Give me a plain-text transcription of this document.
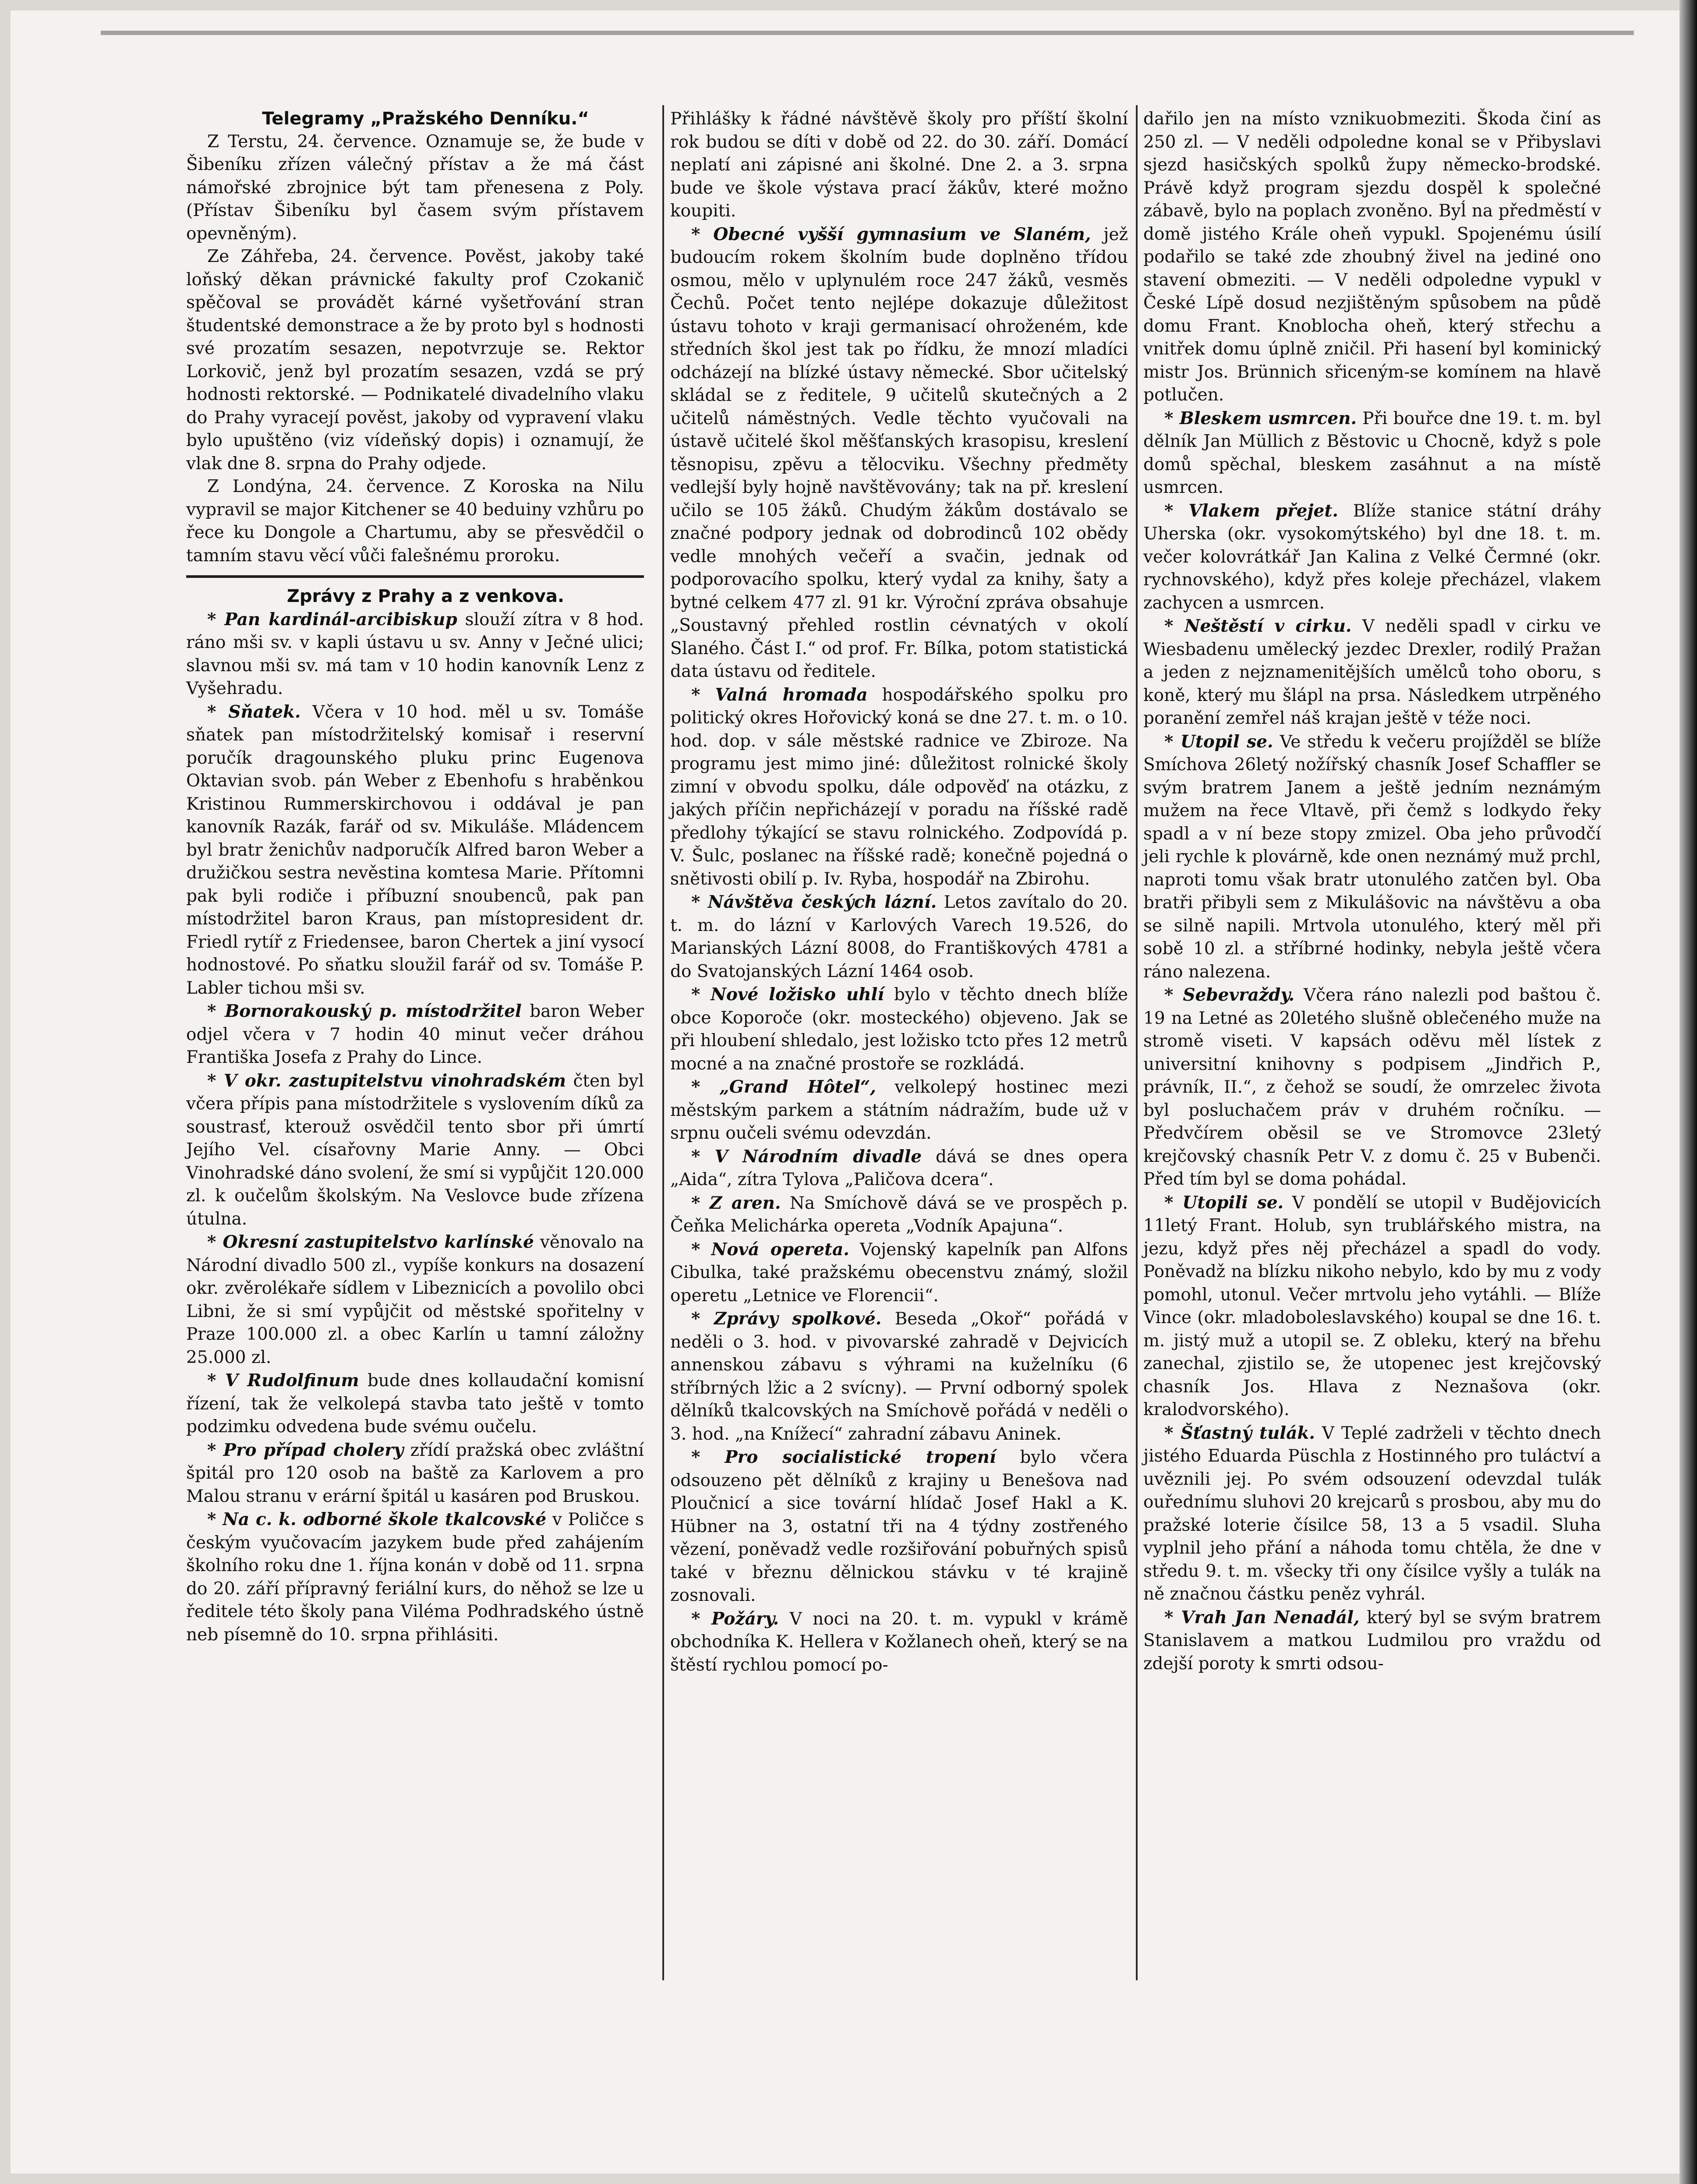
Telegramy „Pražského Denníku.“

Z Terstu, 24. července. Oznamuje se, že bude v Šibeníku zřízen válečný přístav a že má část námořské zbrojnice být tam přenesena z Poly. (Přístav Šibeníku byl časem svým přístavem opevněným).

Ze Záhřeba, 24. července. Pověst, jakoby také loňský děkan právnické fakulty prof Czokanič spěčoval se provádět kárné vyšetřování stran študentské demonstrace a že by proto byl s hodnosti své prozatím sesazen, nepotvrzuje se. Rektor Lorkovič, jenž byl prozatím sesazen, vzdá se prý hodnosti rektorské. — Podnikatelé divadelního vlaku do Prahy vyracejí pověst, jakoby od vypravení vlaku bylo upuštěno (viz vídeňský dopis) i oznamují, že vlak dne 8. srpna do Prahy odjede.

Z Londýna, 24. července. Z Koroska na Nilu vypravil se major Kitchener se 40 beduiny vzhůru po řece ku Dongole a Chartumu, aby se přesvědčil o tamním stavu věcí vůči falešnému proroku.

Zprávy z Prahy a z venkova.

* Pan kardinál-arcibiskup slouží zítra v 8 hod. ráno mši sv. v kapli ústavu u sv. Anny v Ječné ulici; slavnou mši sv. má tam v 10 hodin kanovník Lenz z Vyšehradu.

* Sňatek. Včera v 10 hod. měl u sv. Tomáše sňatek pan místodržitelský komisař i reservní poručík dragounského pluku princ Eugenova Oktavian svob. pán Weber z Ebenhofu s hraběnkou Kristinou Rummerskirchovou i oddával je pan kanovník Razák, farář od sv. Mikuláše. Mládencem byl bratr ženichův nadporučík Alfred baron Weber a družičkou sestra nevěstina komtesa Marie. Přítomni pak byli rodiče i příbuzní snoubenců, pak pan místodržitel baron Kraus, pan místopresident dr. Friedl rytíř z Friedensee, baron Chertek a jiní vysocí hodnostové. Po sňatku sloužil farář od sv. Tomáše P. Labler tichou mši sv.

* Bornorakouský p. místodržitel baron Weber odjel včera v 7 hodin 40 minut večer dráhou Františka Josefa z Prahy do Lince.

* V okr. zastupitelstvu vinohradském čten byl včera přípis pana místodržitele s vyslovením díků za soustrasť, kterouž osvědčil tento sbor při úmrtí Jejího Vel. císařovny Marie Anny. — Obci Vinohradské dáno svolení, že smí si vypůjčit 120.000 zl. k oučelům školským. Na Veslovce bude zřízena útulna.

* Okresní zastupitelstvo karlínské věnovalo na Národní divadlo 500 zl., vypíše konkurs na dosazení okr. zvěrolékaře sídlem v Libeznicích a povolilo obci Libni, že si smí vypůjčit od městské spořitelny v Praze 100.000 zl. a obec Karlín u tamní záložny 25.000 zl.

* V Rudolfinum bude dnes kollaudační komisní řízení, tak že velkolepá stavba tato ještě v tomto podzimku odvedena bude svému oučelu.

* Pro případ cholery zřídí pražská obec zvláštní špitál pro 120 osob na baště za Karlovem a pro Malou stranu v erární špitál u kasáren pod Bruskou.

* Na c. k. odborné škole tkalcovské v Poličce s českým vyučovacím jazykem bude před zahájením školního roku dne 1. října konán v době od 11. srpna do 20. září přípravný feriální kurs, do něhož se lze u ředitele této školy pana Viléma Podhradského ústně neb písemně do 10. srpna přihlásiti.

Přihlášky k řádné návštěvě školy pro příští školní rok budou se díti v době od 22. do 30. září. Domácí neplatí ani zápisné ani školné. Dne 2. a 3. srpna bude ve škole výstava prací žákův, které možno koupiti.

* Obecné vyšší gymnasium ve Slaném, jež budoucím rokem školním bude doplněno třídou osmou, mělo v uplynulém roce 247 žáků, vesměs Čechů. Počet tento nejlépe dokazuje důležitost ústavu tohoto v kraji germanisací ohroženém, kde středních škol jest tak po řídku, že mnozí mladíci odcházejí na blízké ústavy německé. Sbor učitelský skládal se z ředitele, 9 učitelů skutečných a 2 učitelů náměstných. Vedle těchto vyučovali na ústavě učitelé škol měšťanských krasopisu, kreslení těsnopisu, zpěvu a tělocviku. Všechny předměty vedlejší byly hojně navštěvovány; tak na př. kreslení učilo se 105 žáků. Chudým žákům dostávalo se značné podpory jednak od dobrodinců 102 obědy vedle mnohých večeří a svačin, jednak od podporovacího spolku, který vydal za knihy, šaty a bytné celkem 477 zl. 91 kr. Výroční zpráva obsahuje „Soustavný přehled rostlin cévnatých v okolí Slaného. Část I.“ od prof. Fr. Bílka, potom statistická data ústavu od ředitele.

* Valná hromada hospodářského spolku pro politický okres Hořovický koná se dne 27. t. m. o 10. hod. dop. v sále městské radnice ve Zbiroze. Na programu jest mimo jiné: důležitost rolnické školy zimní v obvodu spolku, dále odpověď na otázku, z jakých příčin nepřicházejí v poradu na říšské radě předlohy týkající se stavu rolnického. Zodpovídá p. V. Šulc, poslanec na říšské radě; konečně pojedná o snětivosti obilí p. Iv. Ryba, hospodář na Zbirohu.

* Návštěva českých lázní. Letos zavítalo do 20. t. m. do lázní v Karlových Varech 19.526, do Marianských Lázní 8008, do Františkových 4781 a do Svatojanských Lázní 1464 osob.

* Nové ložisko uhlí bylo v těchto dnech blíže obce Koporoče (okr. mosteckého) objeveno. Jak se při hloubení shledalo, jest ložisko tcto přes 12 metrů mocné a na značné prostoře se rozkládá.

* „Grand Hôtel“, velkolepý hostinec mezi městským parkem a státním nádražím, bude už v srpnu oučeli svému odevzdán.

* V Národním divadle dává se dnes opera „Aida“, zítra Tylova „Paličova dcera“.

* Z aren. Na Smíchově dává se ve prospěch p. Čeňka Melichárka opereta „Vodník Apajuna“.

* Nová opereta. Vojenský kapelník pan Alfons Cibulka, také pražskému obecenstvu známý, složil operetu „Letnice ve Florencii“.

* Zprávy spolkové. Beseda „Okoř“ pořádá v neděli o 3. hod. v pivovarské zahradě v Dejvicích annenskou zábavu s výhrami na kuželníku (6 stříbrných lžic a 2 svícny). — První odborný spolek dělníků tkalcovských na Smíchově pořádá v neděli o 3. hod. „na Knížecí“ zahradní zábavu Aninek.

* Pro socialistické tropení bylo včera odsouzeno pět dělníků z krajiny u Benešova nad Ploučnicí a sice tovární hlídač Josef Hakl a K. Hübner na 3, ostatní tři na 4 týdny zostřeného vězení, poněvadž vedle rozšiřování pobuřných spisů také v březnu dělnickou stávku v té krajině zosnovali.

* Požáry. V noci na 20. t. m. vypukl v krámě obchodníka K. Hellera v Kožlanech oheň, který se na štěstí rychlou pomocí po-

dařilo jen na místo vznikuobmeziti. Škoda činí as 250 zl. — V neděli odpoledne konal se v Přibyslavi sjezd hasičských spolků župy německo-brodské. Právě když program sjezdu dospěl k společné zábavě, bylo na poplach zvoněno. Byĺ na předměstí v domě jistého Krále oheň vypukl. Spojenému úsilí podařilo se také zde zhoubný živel na jediné ono stavení obmeziti. — V neděli odpoledne vypukl v České Lípě dosud nezjištěným spůsobem na půdě domu Frant. Knoblocha oheň, který střechu a vnitřek domu úplně zničil. Při hasení byl kominický mistr Jos. Brünnich sřiceným-se komínem na hlavě potlučen.

* Bleskem usmrcen. Při bouřce dne 19. t. m. byl dělník Jan Müllich z Běstovic u Chocně, když s pole domů spěchal, bleskem zasáhnut a na místě usmrcen.

* Vlakem přejet. Blíže stanice státní dráhy Uherska (okr. vysokomýtského) byl dne 18. t. m. večer kolovrátkář Jan Kalina z Velké Čermné (okr. rychnovského), když přes koleje přecházel, vlakem zachycen a usmrcen.

* Neštěstí v cirku. V neděli spadl v cirku ve Wiesbadenu umělecký jezdec Drexler, rodilý Pražan a jeden z nejznamenitějších umělců toho oboru, s koně, který mu šlápl na prsa. Následkem utrpěného poranění zemřel náš krajan ještě v téže noci.

* Utopil se. Ve středu k večeru projížděl se blíže Smíchova 26letý nožířský chasník Josef Schaffler se svým bratrem Janem a ještě jedním neznámým mužem na řece Vltavě, při čemž s lodkydo řeky spadl a v ní beze stopy zmizel. Oba jeho průvodčí jeli rychle k plovárně, kde onen neznámý muž prchl, naproti tomu však bratr utonulého zatčen byl. Oba bratři přibyli sem z Mikulášovic na návštěvu a oba se silně napili. Mrtvola utonulého, který měl při sobě 10 zl. a stříbrné hodinky, nebyla ještě včera ráno nalezena.

* Sebevraždy. Včera ráno nalezli pod baštou č. 19 na Letné as 20letého slušně oblečeného muže na stromě viseti. V kapsách oděvu měl lístek z universitní knihovny s podpisem „Jindřich P., právník, II.“, z čehož se soudí, že omrzelec života byl posluchačem práv v druhém ročníku. — Předvčírem oběsil se ve Stromovce 23letý krejčovský chasník Petr V. z domu č. 25 v Bubenči. Před tím byl se doma pohádal.

* Utopili se. V pondělí se utopil v Budějovicích 11letý Frant. Holub, syn trublářského mistra, na jezu, když přes něj přecházel a spadl do vody. Poněvadž na blízku nikoho nebylo, kdo by mu z vody pomohl, utonul. Večer mrtvolu jeho vytáhli. — Blíže Vince (okr. mladoboleslavského) koupal se dne 16. t. m. jistý muž a utopil se. Z obleku, který na břehu zanechal, zjistilo se, že utopenec jest krejčovský chasník Jos. Hlava z Neznašova (okr. kralodvorského).

* Šťastný tulák. V Teplé zadrželi v těchto dnech jistého Eduarda Püschla z Hostinného pro tuláctví a uvěznili jej. Po svém odsouzení odevzdal tulák ouřednímu sluhovi 20 krejcarů s prosbou, aby mu do pražské loterie čísilce 58, 13 a 5 vsadil. Sluha vyplnil jeho přání a náhoda tomu chtěla, že dne v středu 9. t. m. všecky tři ony čísilce vyšly a tulák na ně značnou částku peněz vyhrál.

* Vrah Jan Nenadál, který byl se svým bratrem Stanislavem a matkou Ludmilou pro vraždu od zdejší poroty k smrti odsou-
